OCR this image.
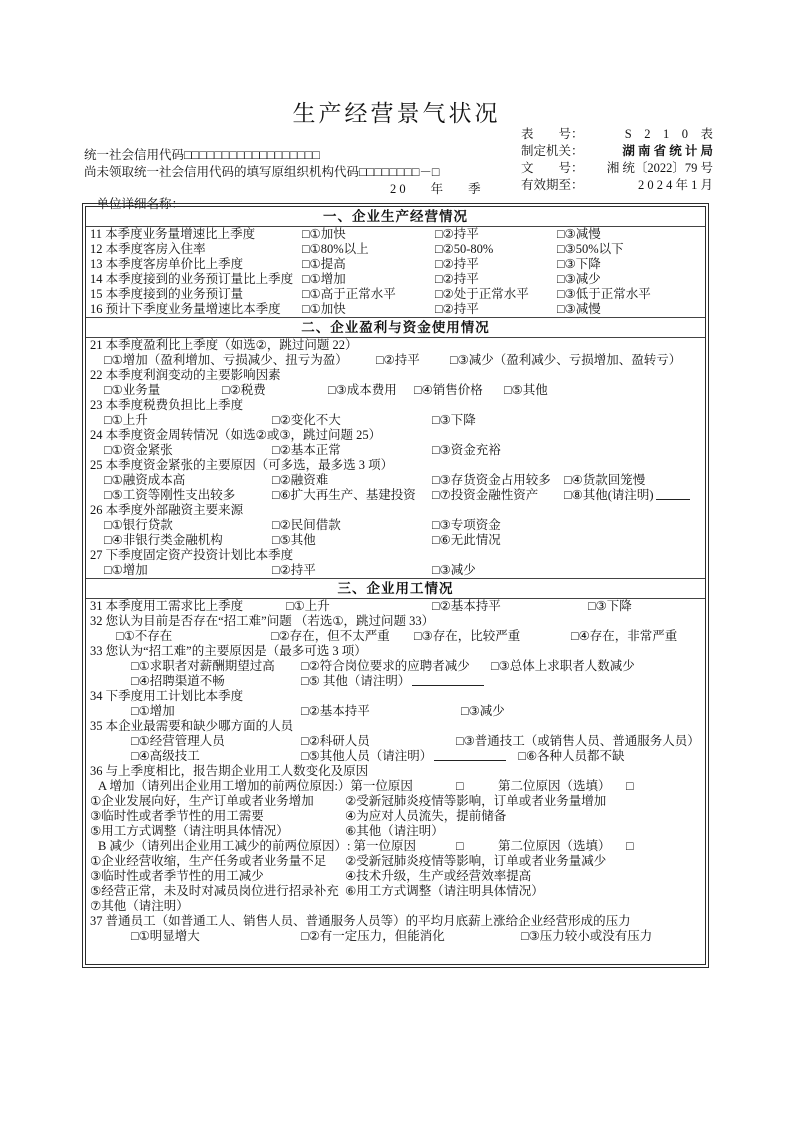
生产经营景气状况
表　　号：	S　2　1　0　表
制定机关：	湖 南 省 统 计 局
文　　号： 湘 统〔2022〕79 号
有效期至：	2 0 2 4 年 1 月
统一社会信用代码□□□□□□□□□□□□□□□□□□
尚未领取统一社会信用代码的填写原组织机构代码□□□□□□□□－□

单位详细名称：

2 0　　年　　季

一、企业生产经营情况
11 本季度业务量增速比上季度	□①加快	□②持平	□③减慢
12 本季度客房入住率	□①80%以上	□②50-80%	□③50%以下
13 本季度客房单价比上季度	□①提高	□②持平	□③下降
14 本季度接到的业务预订量比上季度 □①增加	□②持平	□③减少
15 本季度接到的业务预订量	□①高于正常水平	□②处于正常水平 □③低于正常水平
16 预计下季度业务量增速比本季度 □①加快	□②持平	□③减慢
二、企业盈利与资金使用情况
21 本季度盈利比上季度（如选②，跳过问题 22）
□①增加（盈利增加、亏损减少、扭亏为盈） □②持平 □③减少（盈利减少、亏损增加、盈转亏）
22 本季度利润变动的主要影响因素
□①业务量	□②税费	□③成本费用 □④销售价格 □⑤其他
23 本季度税费负担比上季度
□①上升	□②变化不大	□③下降
24 本季度资金周转情况（如选②或③，跳过问题 25）
□①资金紧张	□②基本正常	□③资金充裕
25 本季度资金紧张的主要原因（可多选，最多选 3 项）
□①融资成本高	□②融资难	□③存货资金占用较多 □④货款回笼慢
□⑤工资等刚性支出较多	□⑥扩大再生产、基建投资 □⑦投资金融性资产 □⑧其他(请注明)
26 本季度外部融资主要来源
□①银行贷款	□②民间借款	□③专项资金
□④非银行类金融机构	□⑤其他	□⑥无此情况
27 下季度固定资产投资计划比本季度
□①增加	□②持平	□③减少
三、企业用工情况
31 本季度用工需求比上季度	□①上升	□②基本持平	□③下降
32 您认为目前是否存在“招工难”问题 （若选①，跳过问题 33）
□①不存在	□②存在，但不太严重 □③存在，比较严重	□④存在，非常严重
33 您认为“招工难”的主要原因是（最多可选 3 项）
□①求职者对薪酬期望过高 □②符合岗位要求的应聘者减少 □③总体上求职者人数减少
□④招聘渠道不畅	□⑤ 其他（请注明）
34 下季度用工计划比本季度
□①增加	□②基本持平	□③减少
35 本企业最需要和缺少哪方面的人员
□①经营管理人员	□②科研人员	□③普通技工（或销售人员、普通服务人员）
□④高级技工	□⑤其他人员（请注明）	□⑥各种人员都不缺
36 与上季度相比，报告期企业用工人数变化及原因
A 增加（请列出企业用工增加的前两位原因:）第一位原因	□	第二位原因（选填） □
①企业发展向好，生产订单或者业务增加	②受新冠肺炎疫情等影响，订单或者业务量增加
③临时性或者季节性的用工需要	④为应对人员流失，提前储备
⑤用工方式调整（请注明具体情况）	⑥其他（请注明）
B 减少（请列出企业用工减少的前两位原因）: 第一位原因	□	第二位原因（选填） □
①企业经营收缩，生产任务或者业务量不足 ②受新冠肺炎疫情等影响，订单或者业务量减少
③临时性或者季节性的用工减少	④技术升级，生产或经营效率提高
⑤经营正常，未及时对减员岗位进行招录补充 ⑥用工方式调整（请注明具体情况）
⑦其他（请注明）
37 普通员工（如普通工人、销售人员、普通服务人员等）的平均月底薪上涨给企业经营形成的压力
□①明显增大	□②有一定压力，但能消化	□③压力较小或没有压力
